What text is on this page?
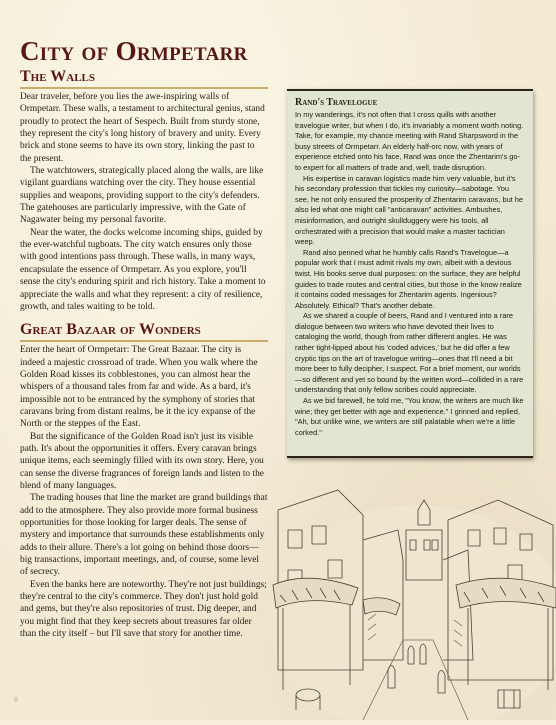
City of Ormpetarr
The Walls

Dear traveler, before you lies the awe-inspiring walls of Ormpetarr. These walls, a testament to architectural genius, stand proudly to protect the heart of Sespech. Built from sturdy stone, they represent the city's long history of bravery and unity. Every brick and stone seems to have its own story, linking the past to the present.

The watchtowers, strategically placed along the walls, are like vigilant guardians watching over the city. They house essential supplies and weapons, providing support to the city's defenders. The gatehouses are particularly impressive, with the Gate of Nagawater being my personal favorite.

Near the water, the docks welcome incoming ships, guided by the ever-watchful tugboats. The city watch ensures only those with good intentions pass through. These walls, in many ways, encapsulate the essence of Ormpetarr. As you explore, you'll sense the city's enduring spirit and rich history. Take a moment to appreciate the walls and what they represent: a city of resilience, growth, and tales waiting to be told.

Great Bazaar of Wonders

Enter the heart of Ormpetarr: The Great Bazaar. The city is indeed a majestic crossroad of trade. When you walk where the Golden Road kisses its cobblestones, you can almost hear the whispers of a thousand tales from far and wide. As a bard, it's impossible not to be entranced by the symphony of stories that caravans bring from distant realms, be it the icy expanse of the North or the steppes of the East.

But the significance of the Golden Road isn't just its visible path. It's about the opportunities it offers. Every caravan brings unique items, each seemingly filled with its own story. Here, you can sense the diverse fragrances of foreign lands and listen to the blend of many languages.

The trading houses that line the market are grand buildings that add to the atmosphere. They also provide more formal business opportunities for those looking for larger deals. The sense of mystery and importance that surrounds these establishments only adds to their allure. There's a lot going on behind those doors—big transactions, important meetings, and, of course, some level of secrecy.

Even the banks here are noteworthy. They're not just buildings; they're central to the city's commerce. They don't just hold gold and gems, but they're also repositories of trust. Dig deeper, and you might find that they keep secrets about treasures far older than the city itself – but I'll save that story for another time.

Rand's Travelogue

In my wanderings, it's not often that I cross quills with another travelogue writer, but when I do, it's invariably a moment worth noting. Take, for example, my chance meeting with Rand Sharpsword in the busy streets of Ormpetarr. An elderly half-orc now, with years of experience etched onto his face, Rand was once the Zhentarim's go-to expert for all matters of trade and, well, trade disruption.

His expertise in caravan logistics made him very valuable, but it's his secondary profession that tickles my curiosity—sabotage. You see, he not only ensured the prosperity of Zhentarim caravans, but he also led what one might call "anticaravan" activities. Ambushes, misinformation, and outright skullduggery were his tools, all orchestrated with a precision that would make a master tactician weep.

Rand also penned what he humbly calls Rand's Travelogue—a popular work that I must admit rivals my own, albeit with a devious twist. His books serve dual purposes: on the surface, they are helpful guides to trade routes and central cities, but those in the know realize it contains coded messages for Zhentarim agents. Ingenious? Absolutely. Ethical? That's another debate.

As we shared a couple of beers, Rand and I ventured into a rare dialogue between two writers who have devoted their lives to cataloging the world, though from rather different angles. He was rather tight-lipped about his 'coded advices,' but he did offer a few cryptic tips on the art of travelogue writing—ones that I'll need a bit more beer to fully decipher, I suspect. For a brief moment, our worlds—so different and yet so bound by the written word—collided in a rare understanding that only fellow scribes could appreciate.

As we bid farewell, he told me, "You know, the writers are much like wine; they get better with age and experience." I grinned and replied, "Ah, but unlike wine, we writers are still palatable when we're a little corked."

8
